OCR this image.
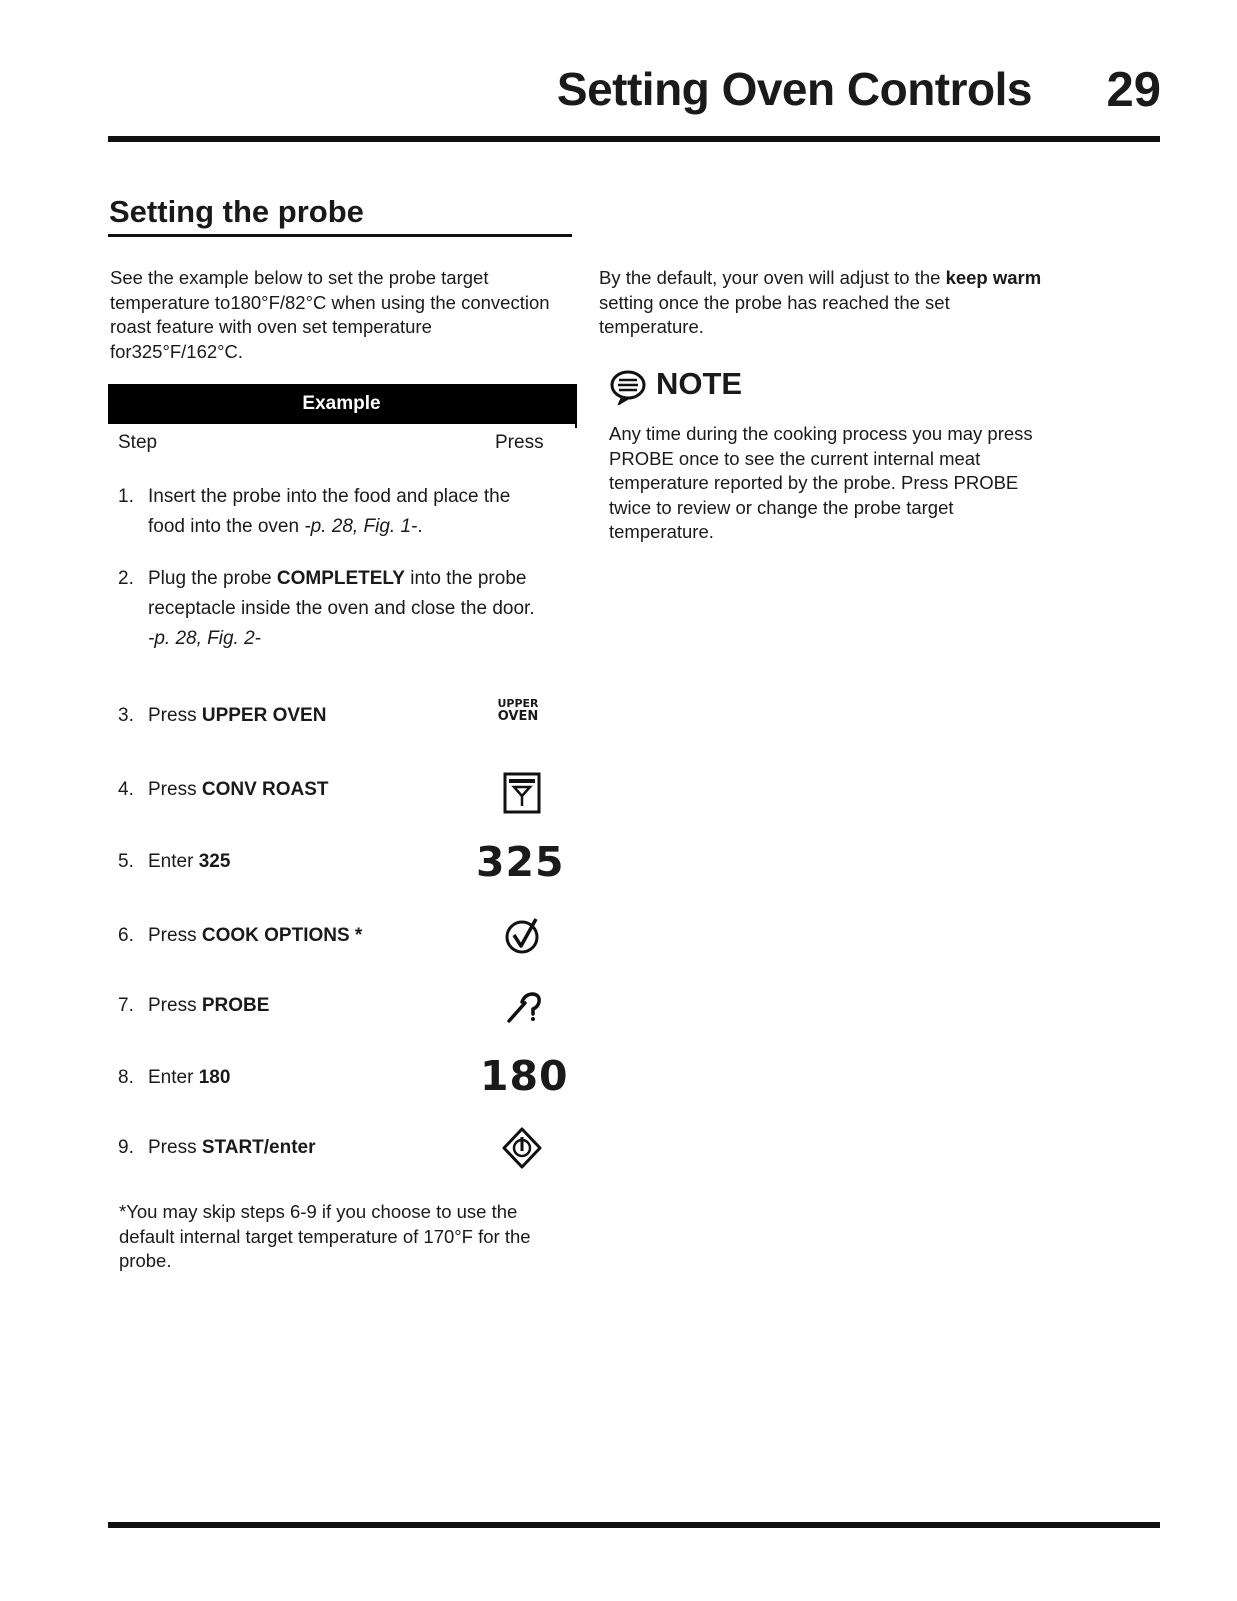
Setting Oven Controls 29
Setting the probe
See the example below to set the probe target temperature to180°F/82°C when using the convection roast feature with oven set temperature for325°F/162°C.
Example
Step	Press
1. Insert the probe into the food and place the
food into the oven -p. 28, Fig. 1-.
2. Plug the probe COMPLETELY into the probe
receptacle inside the oven and close the door.
-p. 28, Fig. 2-
3. Press UPPER OVEN
UPPER
OVEN
4. Press CONV ROAST
5. Enter 325	325
6. Press COOK OPTIONS *
7. Press PROBE
8. Enter 180	180
9. Press START/enter
*You may skip steps 6-9 if you choose to use the default internal target temperature of 170°F for the probe.
By the default, your oven will adjust to the keep warm setting once the probe has reached the set temperature.
NOTE
Any time during the cooking process you may press PROBE once to see the current internal meat temperature reported by the probe. Press PROBE twice to review or change the probe target temperature.
